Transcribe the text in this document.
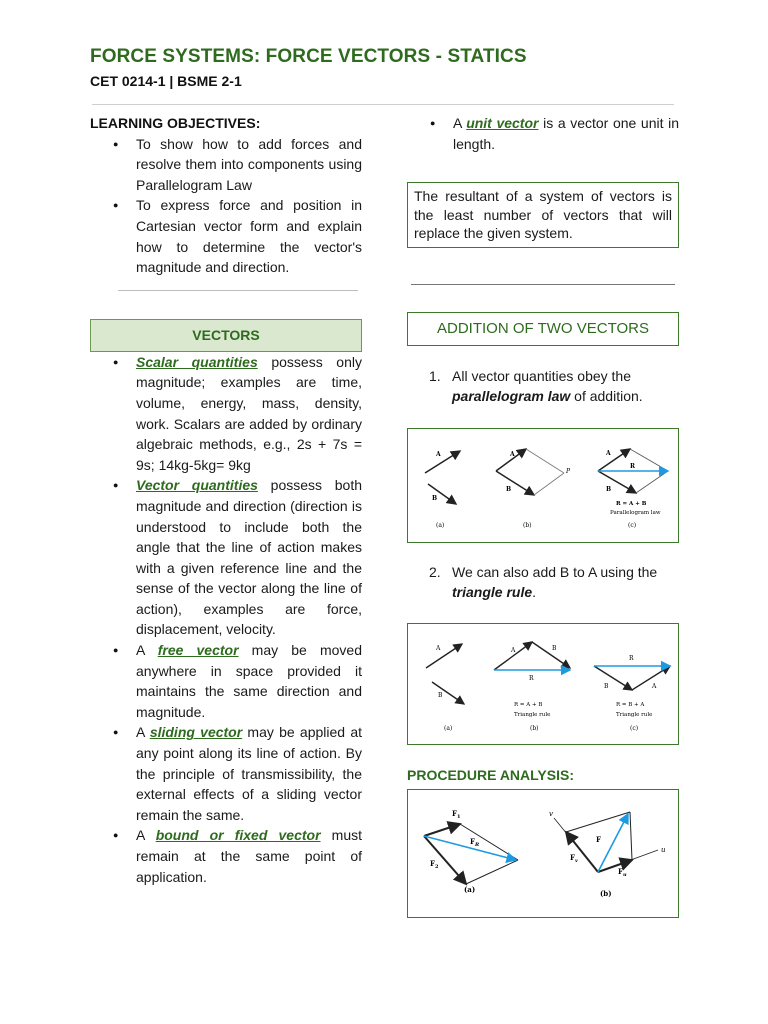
FORCE SYSTEMS: FORCE VECTORS - STATICS
CET 0214-1 | BSME 2-1
LEARNING OBJECTIVES:
● To show how to add forces and resolve them into components using Parallelogram Law
● To express force and position in Cartesian vector form and explain how to determine the vector's magnitude and direction.
VECTORS
● Scalar quantities possess only magnitude; examples are time, volume, energy, mass, density, work. Scalars are added by ordinary algebraic methods, e.g., 2s + 7s = 9s; 14kg-5kg= 9kg
● Vector quantities possess both magnitude and direction (direction is understood to include both the angle that the line of action makes with a given reference line and the sense of the vector along the line of action), examples are force, displacement, velocity.
● A free vector may be moved anywhere in space provided it maintains the same direction and magnitude.
● A sliding vector may be applied at any point along its line of action. By the principle of transmissibility, the external effects of a sliding vector remain the same.
● A bound or fixed vector must remain at the same point of application.
● A unit vector is a vector one unit in length.
The resultant of a system of vectors is the least number of vectors that will replace the given system.
ADDITION OF TWO VECTORS
1. All vector quantities obey the parallelogram law of addition.
A
B
(a)
A
B
P
(b)
A
R
B
R = A + B
Parallelogram law
(c)
2. We can also add B to A using the triangle rule.
A
B
(a)
A	B
R
R = A + B
Triangle rule
(b)
R
B	A
R = B + A
Triangle rule
(c)
PROCEDURE ANALYSIS:
$F_1$
$F_R$
$F_2$
(a)
v
u
F
$F_v$
$F_u$
(b)
